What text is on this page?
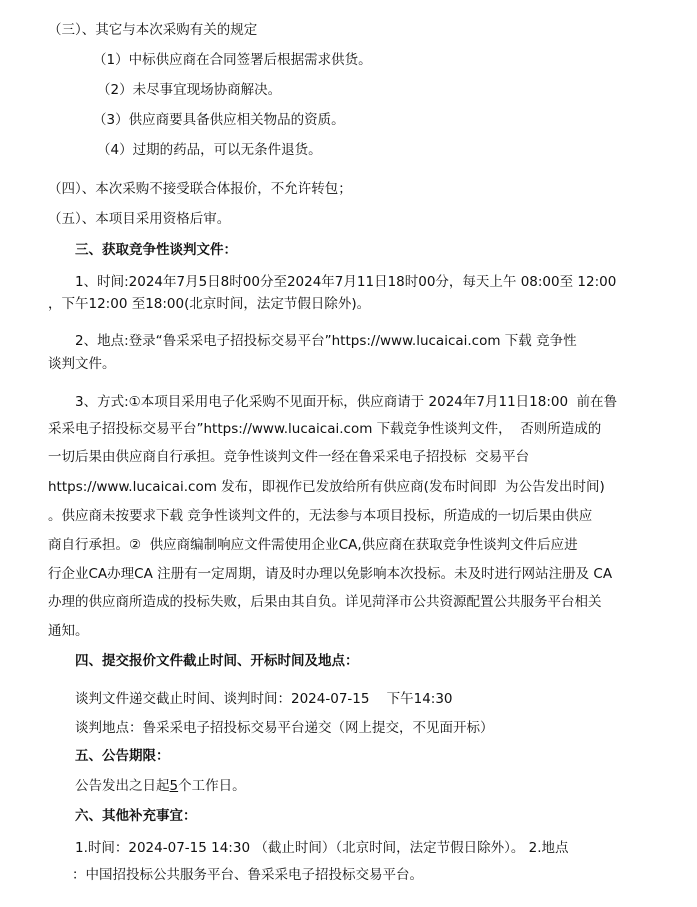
（三）、其它与本次采购有关的规定
（1）中标供应商在合同签署后根据需求供货。
（2）未尽事宜现场协商解决。
（3）供应商要具备供应相关物品的资质。
（4）过期的药品，可以无条件退货。
（四）、本次采购不接受联合体报价，不允许转包；
（五）、本项目采用资格后审。
三、获取竞争性谈判文件：
1、时间:2024年7月5日8时00分至2024年7月11日18时00分，每天上午 08:00至 12:00
，下午12:00 至18:00(北京时间，法定节假日除外)。
2、地点:登录“鲁采采电子招投标交易平台”https://www.lucaicai.com 下载 竞争性
谈判文件。
3、方式:①本项目采用电子化采购不见面开标，供应商请于 2024年7月11日18:00  前在鲁
采采电子招投标交易平台”https://www.lucaicai.com 下载竞争性谈判文件，  否则所造成的
一切后果由供应商自行承担。竞争性谈判文件一经在鲁采采电子招投标  交易平台
https://www.lucaicai.com 发布，即视作已发放给所有供应商(发布时间即  为公告发出时间)
。供应商未按要求下载 竞争性谈判文件的，无法参与本项目投标，所造成的一切后果由供应
商自行承担。②  供应商编制响应文件需使用企业CA,供应商在获取竞争性谈判文件后应进
行企业CA办理CA 注册有一定周期，请及时办理以免影响本次投标。未及时进行网站注册及 CA
办理的供应商所造成的投标失败，后果由其自负。详见菏泽市公共资源配置公共服务平台相关
通知。
四、提交报价文件截止时间、开标时间及地点：
谈判文件递交截止时间、谈判时间：2024-07-15    下午14:30
谈判地点：鲁采采电子招投标交易平台递交（网上提交，不见面开标）
五、公告期限：
公告发出之日起5个工作日。
六、其他补充事宜：
1.时间：2024-07-15 14:30 （截止时间）（北京时间，法定节假日除外）。 2.地点
：中国招投标公共服务平台、鲁采采电子招投标交易平台。
